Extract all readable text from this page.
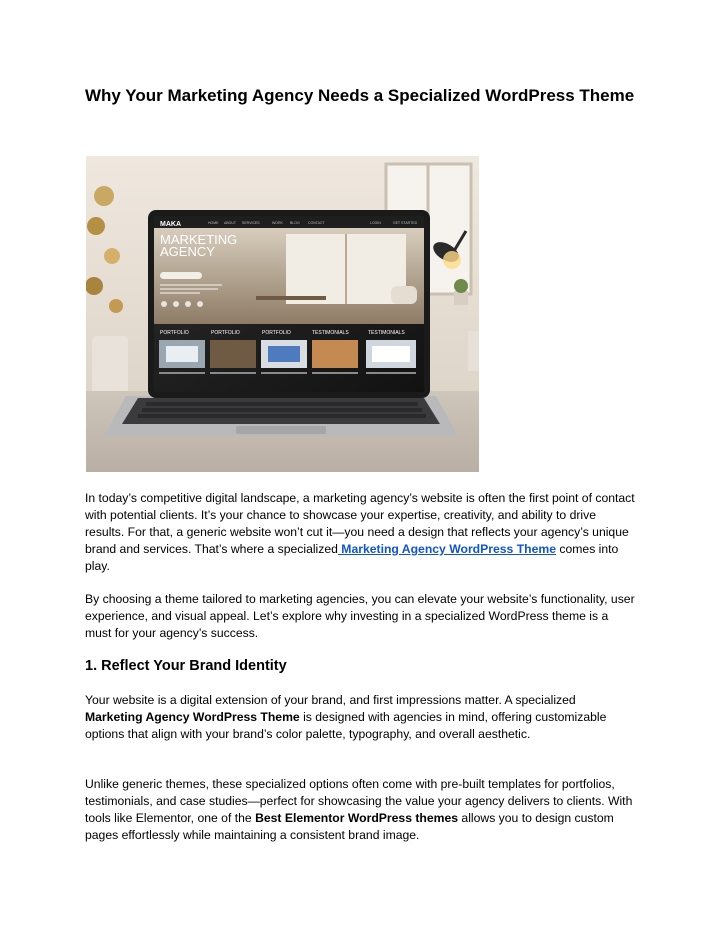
Why Your Marketing Agency Needs a Specialized WordPress Theme
MAKA	HOME ABOUT SERVICES	WORK BLOG CONTACT	LOGIN	GET STARTED
MARKETING
AGENCY
PORTFOLIO	PORTFOLIO	PORTFOLIO	TESTIMONIALS	TESTIMONIALS

In today’s competitive digital landscape, a marketing agency’s website is often the first point of contact with potential clients. It’s your chance to showcase your expertise, creativity, and ability to drive results. For that, a generic website won’t cut it—you need a design that reflects your agency’s unique brand and services. That’s where a specialized Marketing Agency WordPress Theme comes into play.

By choosing a theme tailored to marketing agencies, you can elevate your website’s functionality, user experience, and visual appeal. Let’s explore why investing in a specialized WordPress theme is a must for your agency’s success.

1. Reflect Your Brand Identity

Your website is a digital extension of your brand, and first impressions matter. A specialized Marketing Agency WordPress Theme is designed with agencies in mind, offering customizable options that align with your brand’s color palette, typography, and overall aesthetic.

Unlike generic themes, these specialized options often come with pre-built templates for portfolios, testimonials, and case studies—perfect for showcasing the value your agency delivers to clients. With tools like Elementor, one of the Best Elementor WordPress themes allows you to design custom pages effortlessly while maintaining a consistent brand image.
